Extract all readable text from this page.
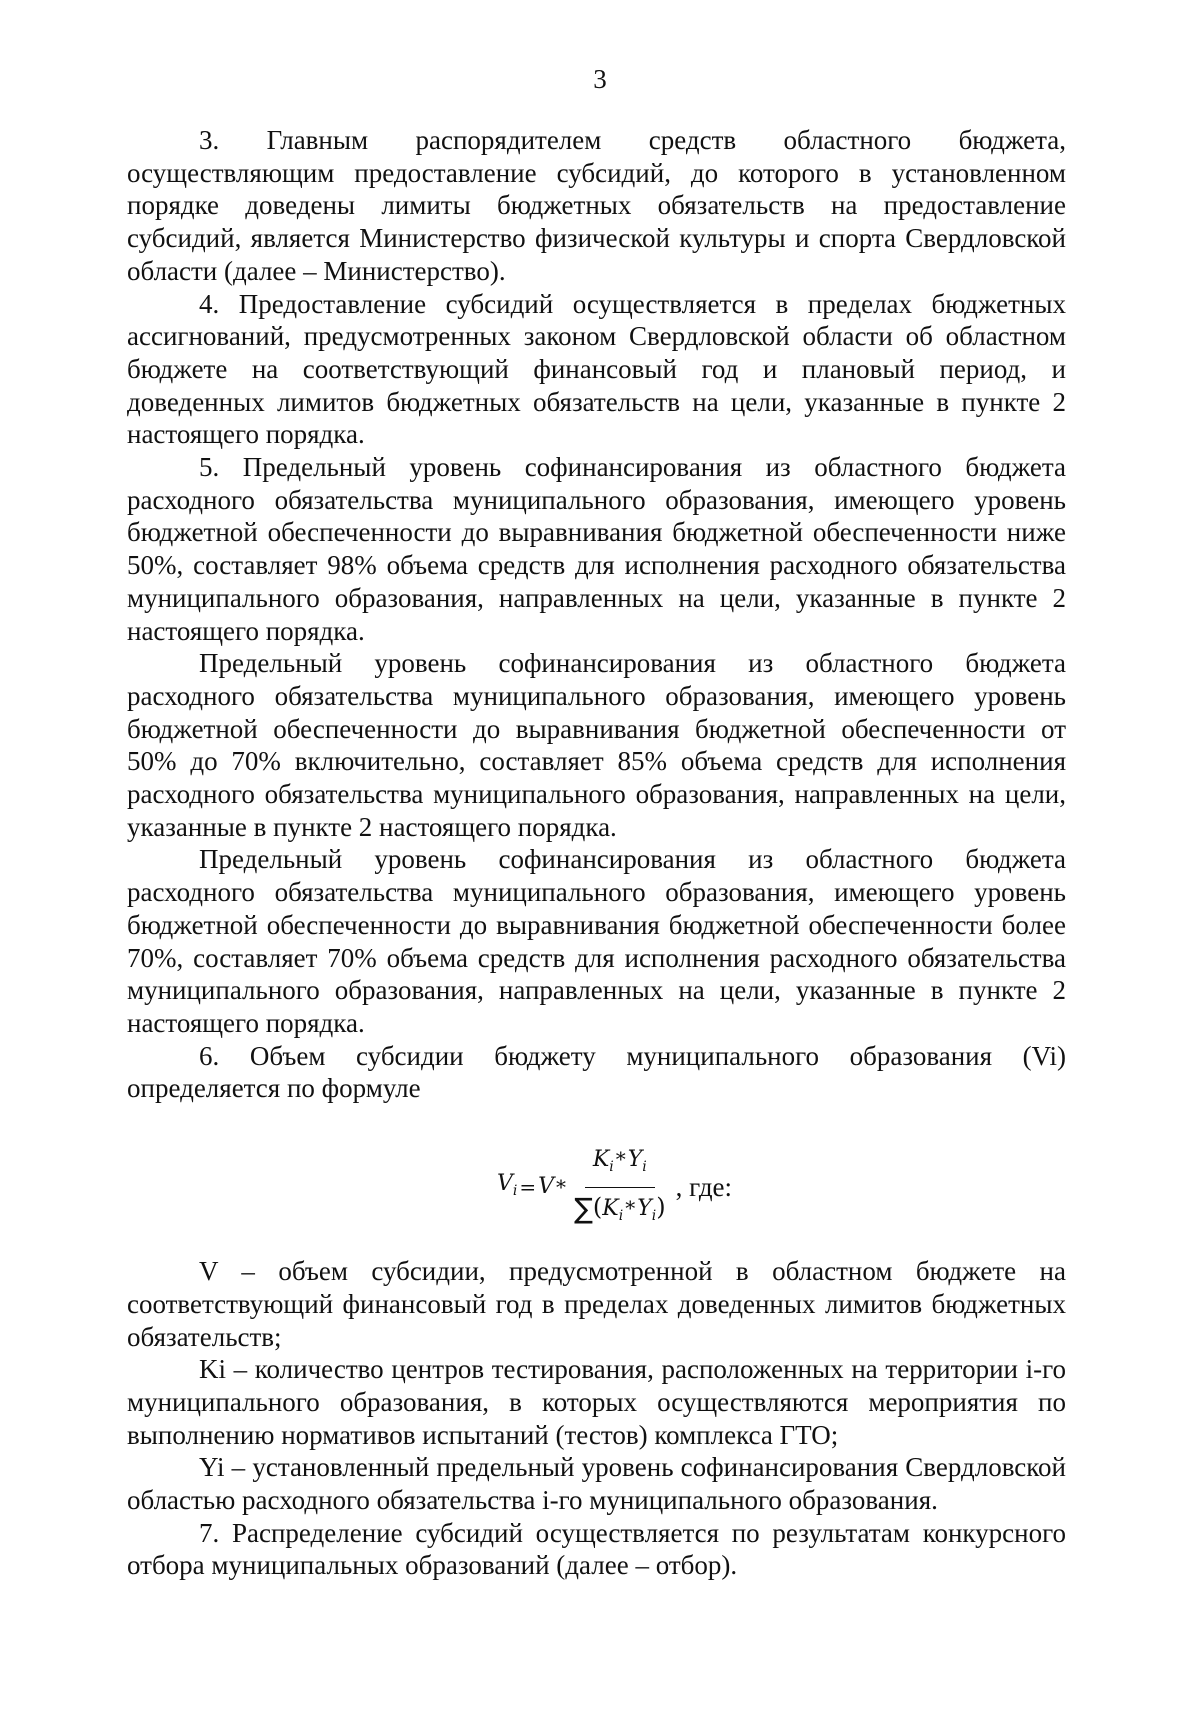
3

3. Главным распорядителем средств областного бюджета, осуществляющим предоставление субсидий, до которого в установленном порядке доведены лимиты бюджетных обязательств на предоставление субсидий, является Министерство физической культуры и спорта Свердловской области (далее – Министерство).

4. Предоставление субсидий осуществляется в пределах бюджетных ассигнований, предусмотренных законом Свердловской области об областном бюджете на соответствующий финансовый год и плановый период, и доведенных лимитов бюджетных обязательств на цели, указанные в пункте 2 настоящего порядка.

5. Предельный уровень софинансирования из областного бюджета расходного обязательства муниципального образования, имеющего уровень бюджетной обеспеченности до выравнивания бюджетной обеспеченности ниже 50%, составляет 98% объема средств для исполнения расходного обязательства муниципального образования, направленных на цели, указанные в пункте 2 настоящего порядка.

Предельный уровень софинансирования из областного бюджета расходного обязательства муниципального образования, имеющего уровень бюджетной обеспеченности до выравнивания бюджетной обеспеченности от 50% до 70% включительно, составляет 85% объема средств для исполнения расходного обязательства муниципального образования, направленных на цели, указанные в пункте 2 настоящего порядка.

Предельный уровень софинансирования из областного бюджета расходного обязательства муниципального образования, имеющего уровень бюджетной обеспеченности до выравнивания бюджетной обеспеченности более 70%, составляет 70% объема средств для исполнения расходного обязательства муниципального образования, направленных на цели, указанные в пункте 2 настоящего порядка.

6. Объем субсидии бюджету муниципального образования (Vi) определяется по формуле

$V_i = V * \frac{K_i *Y_i}{\sum(K_i *Y_i)}$ , где:

V – объем субсидии, предусмотренной в областном бюджете на соответствующий финансовый год в пределах доведенных лимитов бюджетных обязательств;

Ki – количество центров тестирования, расположенных на территории i-го муниципального образования, в которых осуществляются мероприятия по выполнению нормативов испытаний (тестов) комплекса ГТО;

Yi – установленный предельный уровень софинансирования Свердловской областью расходного обязательства i-го муниципального образования.

7. Распределение субсидий осуществляется по результатам конкурсного отбора муниципальных образований (далее – отбор).
